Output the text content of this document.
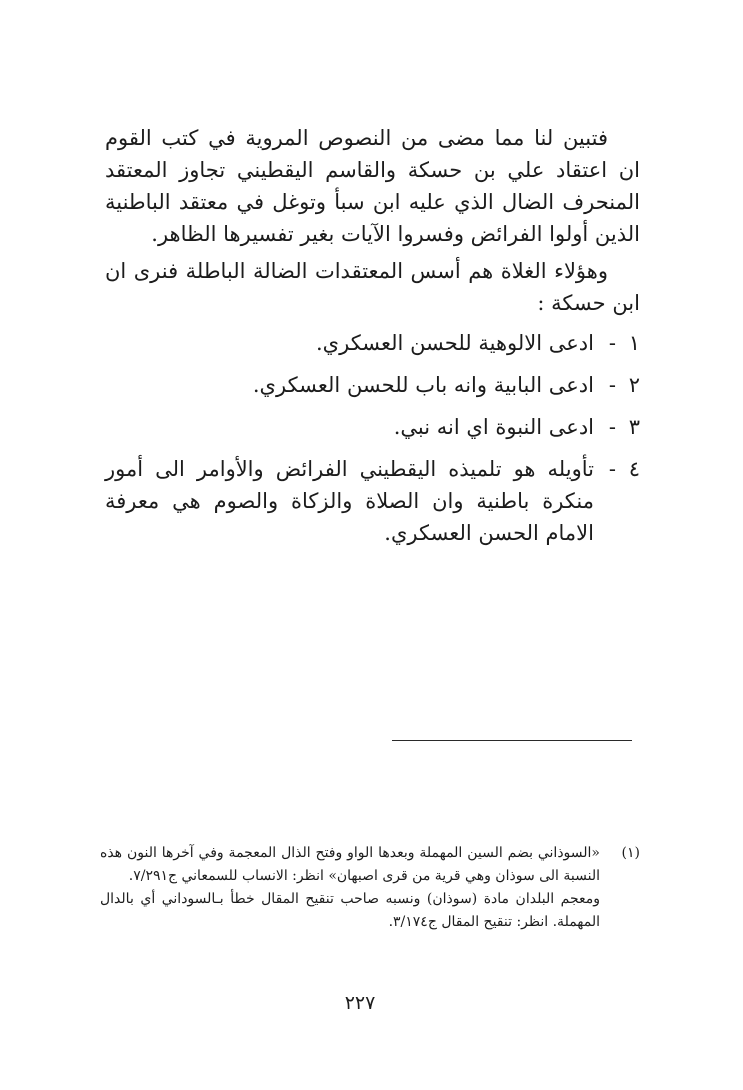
فتبين لنا مما مضى من النصوص المروية في كتب القوم ان اعتقاد علي بن حسكة والقاسم اليقطيني تجاوز المعتقد المنحرف الضال الذي عليه ابن سبأ وتوغل في معتقد الباطنية الذين أولوا الفرائض وفسروا الآيات بغير تفسيرها الظاهر.

وهؤلاء الغلاة هم أسس المعتقدات الضالة الباطلة فنرى ان ابن حسكة :

١
-
ادعى الالوهية للحسن العسكري.
٢
-
ادعى البابية وانه باب للحسن العسكري.
٣
-
ادعى النبوة اي انه نبي.
٤
-
تأويله هو تلميذه اليقطيني الفرائض والأوامر الى أمور منكرة باطنية وان الصلاة والزكاة والصوم هي معرفة الامام الحسن العسكري.
(١)

«السوذاني بضم السين المهملة وبعدها الواو وفتح الذال المعجمة وفي آخرها النون هذه النسبة الى سوذان وهي قرية من قرى اصبهان» انظر: الانساب للسمعاني ج٧/٢٩١.

ومعجم البلدان مادة (سوذان) ونسبه صاحب تنقيح المقال خطأ بـالسوداني أي بالدال المهملة. انظر: تنقيح المقال ج٣/١٧٤.

٢٢٧
